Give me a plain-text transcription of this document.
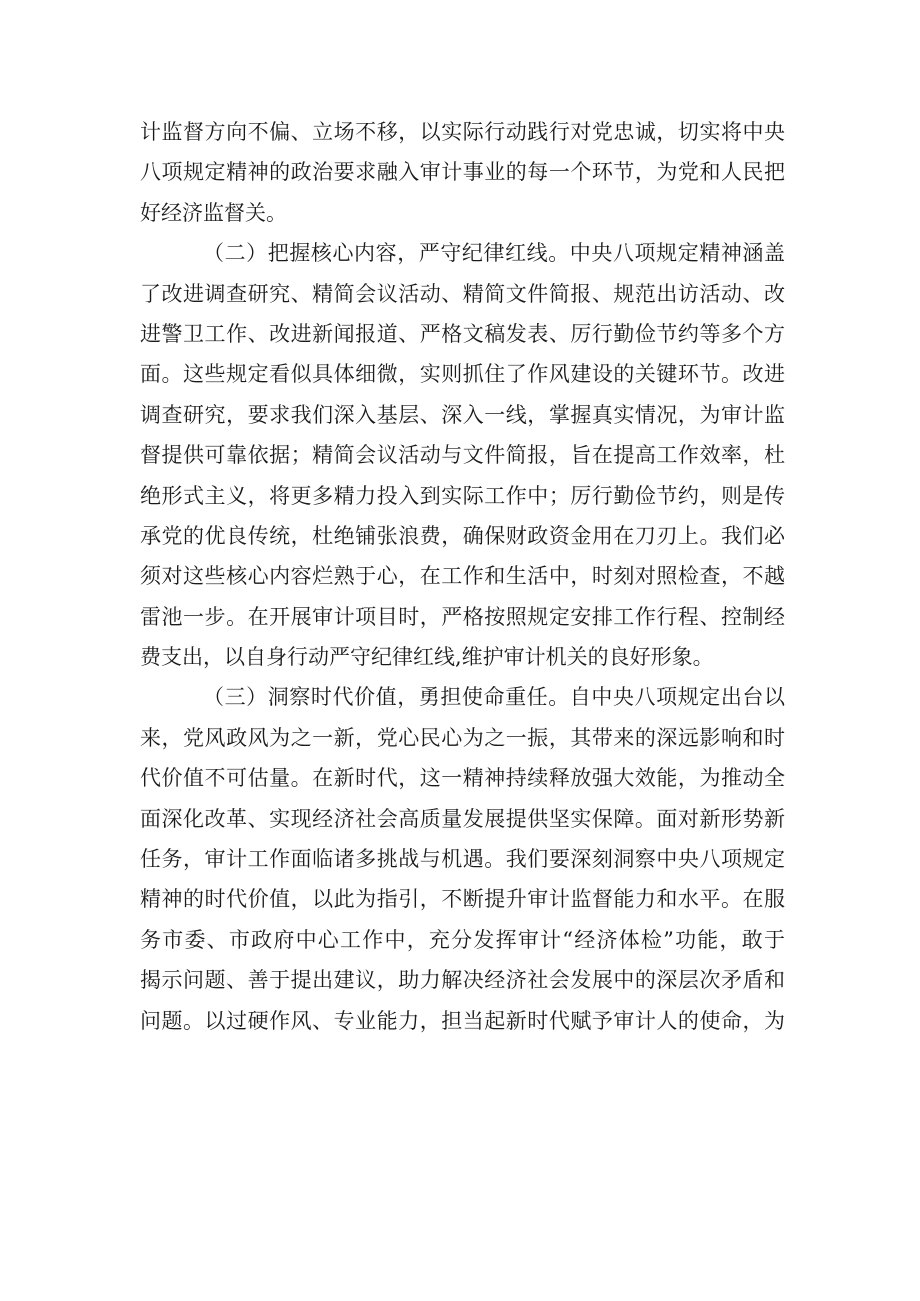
计监督方向不偏、立场不移，以实际行动践行对党忠诚，切实将中央
八项规定精神的政治要求融入审计事业的每一个环节，为党和人民把
好经济监督关。
（二）把握核心内容，严守纪律红线。中央八项规定精神涵盖
了改进调查研究、精简会议活动、精简文件简报、规范出访活动、改
进警卫工作、改进新闻报道、严格文稿发表、厉行勤俭节约等多个方
面。这些规定看似具体细微，实则抓住了作风建设的关键环节。改进
调查研究，要求我们深入基层、深入一线，掌握真实情况，为审计监
督提供可靠依据；精简会议活动与文件简报，旨在提高工作效率，杜
绝形式主义，将更多精力投入到实际工作中；厉行勤俭节约，则是传
承党的优良传统，杜绝铺张浪费，确保财政资金用在刀刃上。我们必
须对这些核心内容烂熟于心，在工作和生活中，时刻对照检查，不越
雷池一步。在开展审计项目时，严格按照规定安排工作行程、控制经
费支出，以自身行动严守纪律红线,维护审计机关的良好形象。
（三）洞察时代价值，勇担使命重任。自中央八项规定出台以
来，党风政风为之一新，党心民心为之一振，其带来的深远影响和时
代价值不可估量。在新时代，这一精神持续释放强大效能，为推动全
面深化改革、实现经济社会高质量发展提供坚实保障。面对新形势新
任务，审计工作面临诸多挑战与机遇。我们要深刻洞察中央八项规定
精神的时代价值，以此为指引，不断提升审计监督能力和水平。在服
务市委、市政府中心工作中，充分发挥审计“经济体检”功能，敢于
揭示问题、善于提出建议，助力解决经济社会发展中的深层次矛盾和
问题。以过硬作风、专业能力，担当起新时代赋予审计人的使命，为
